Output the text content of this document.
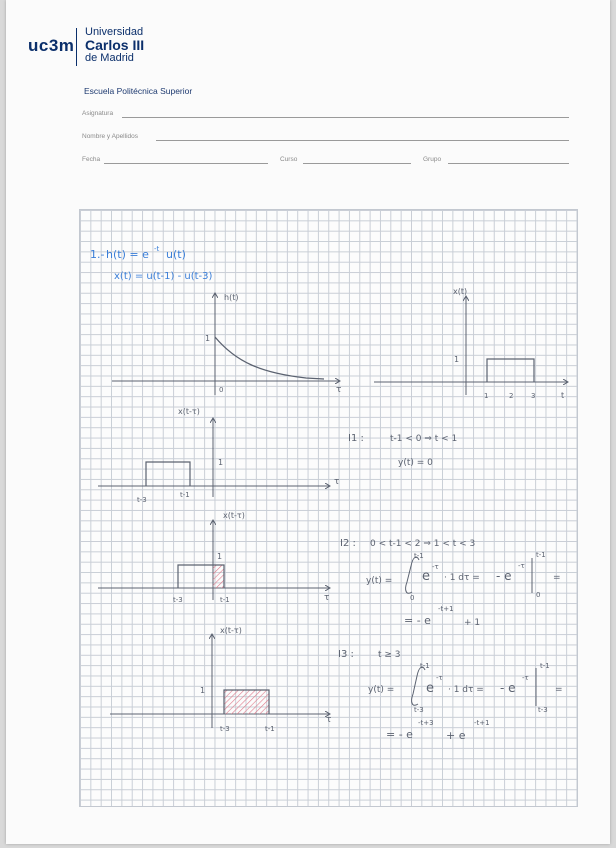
uc3m
Universidad
Carlos III
de Madrid
Escuela Politécnica Superior
Asignatura
Nombre y Apellidos
Fecha	Curso	Grupo
1.- h(t) = e -t u(t)
x(t) = u(t-1) - u(t-3)
h(t)
1
0	τ
x(t)
1
1	2	3	t
x(t-τ)
1
t-3
t-1
τ
x(t-τ)
1
t-3	t-1	τ
x(t-τ)
1
t-3	t-1
τ
I1 :	t-1 < 0 ⇒ t < 1
y(t) = 0
I2 : 0 < t-1 < 2 ⇒ 1 < t < 3
y(t) =
t-1
0
e
-τ
· 1 dτ = - e
-τ
t-1
0
=
= - e
-t+1
+ 1
I3 :	t ≥ 3
y(t) =
t-1
t-3
e
-τ
· 1 dτ = - e
-τ
t-1
t-3
=
= - e
-t+3
+ e
-t+1
